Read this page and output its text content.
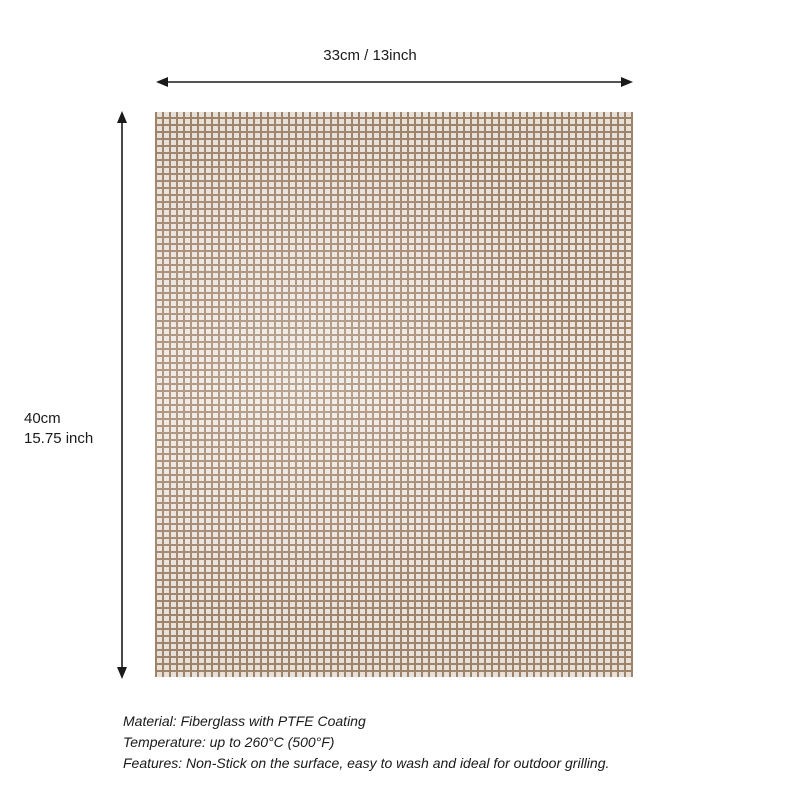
33cm / 13inch
40cm
15.75 inch
Material: Fiberglass with PTFE Coating
Temperature: up to 260°C (500°F)
Features: Non-Stick on the surface, easy to wash and ideal for outdoor grilling.
